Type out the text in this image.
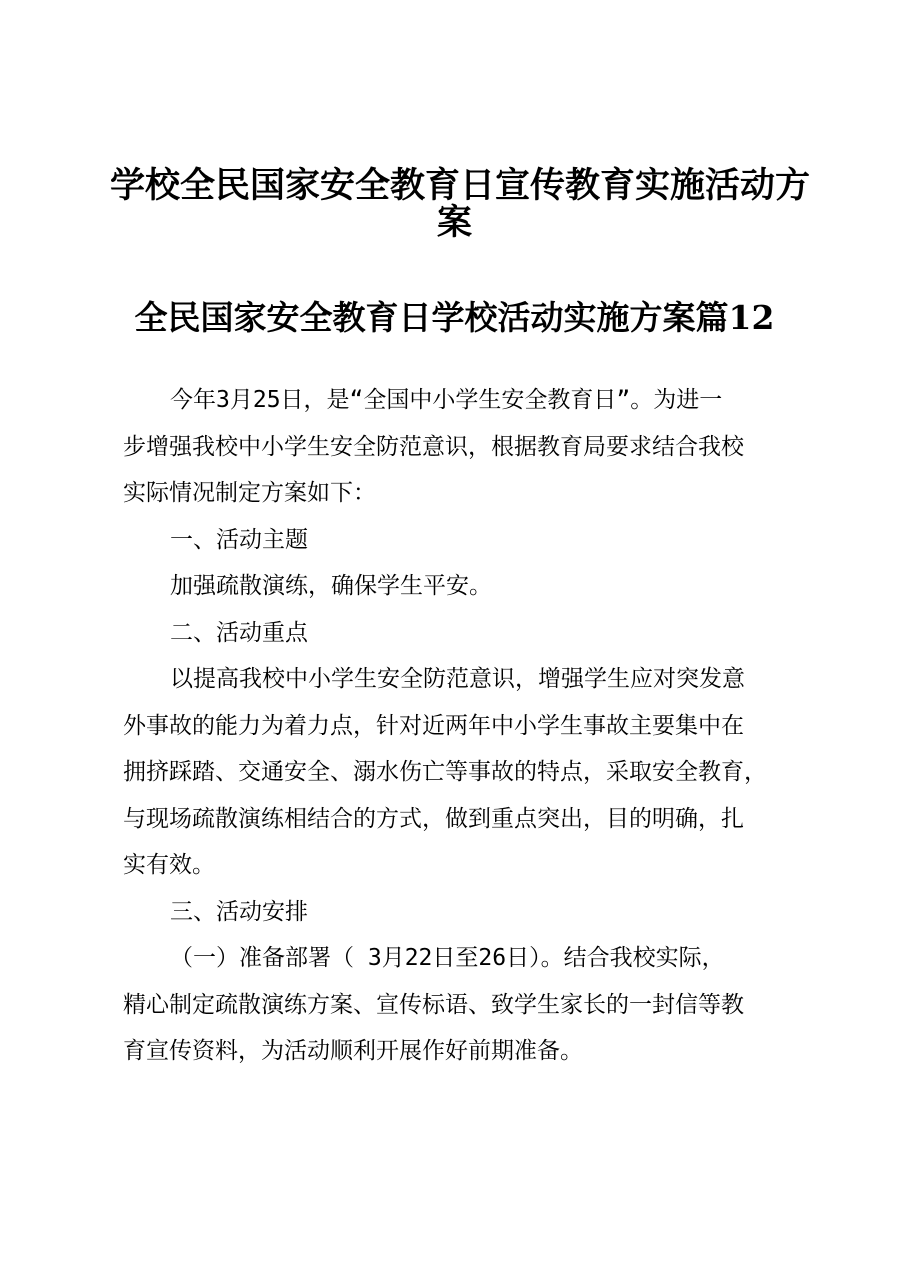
学校全民国家安全教育日宣传教育实施活动方
案
全民国家安全教育日学校活动实施方案篇12

今年3月25日，是“全国中小学生安全教育日”。为进一
步增强我校中小学生安全防范意识，根据教育局要求结合我校
实际情况制定方案如下：

一、活动主题

加强疏散演练，确保学生平安。

二、活动重点

以提高我校中小学生安全防范意识，增强学生应对突发意
外事故的能力为着力点，针对近两年中小学生事故主要集中在
拥挤踩踏、交通安全、溺水伤亡等事故的特点，采取安全教育，
与现场疏散演练相结合的方式，做到重点突出，目的明确，扎
实有效。

三、活动安排

（一）准备部署（ 3月22日至26日）。结合我校实际，
精心制定疏散演练方案、宣传标语、致学生家长的一封信等教
育宣传资料，为活动顺利开展作好前期准备。
